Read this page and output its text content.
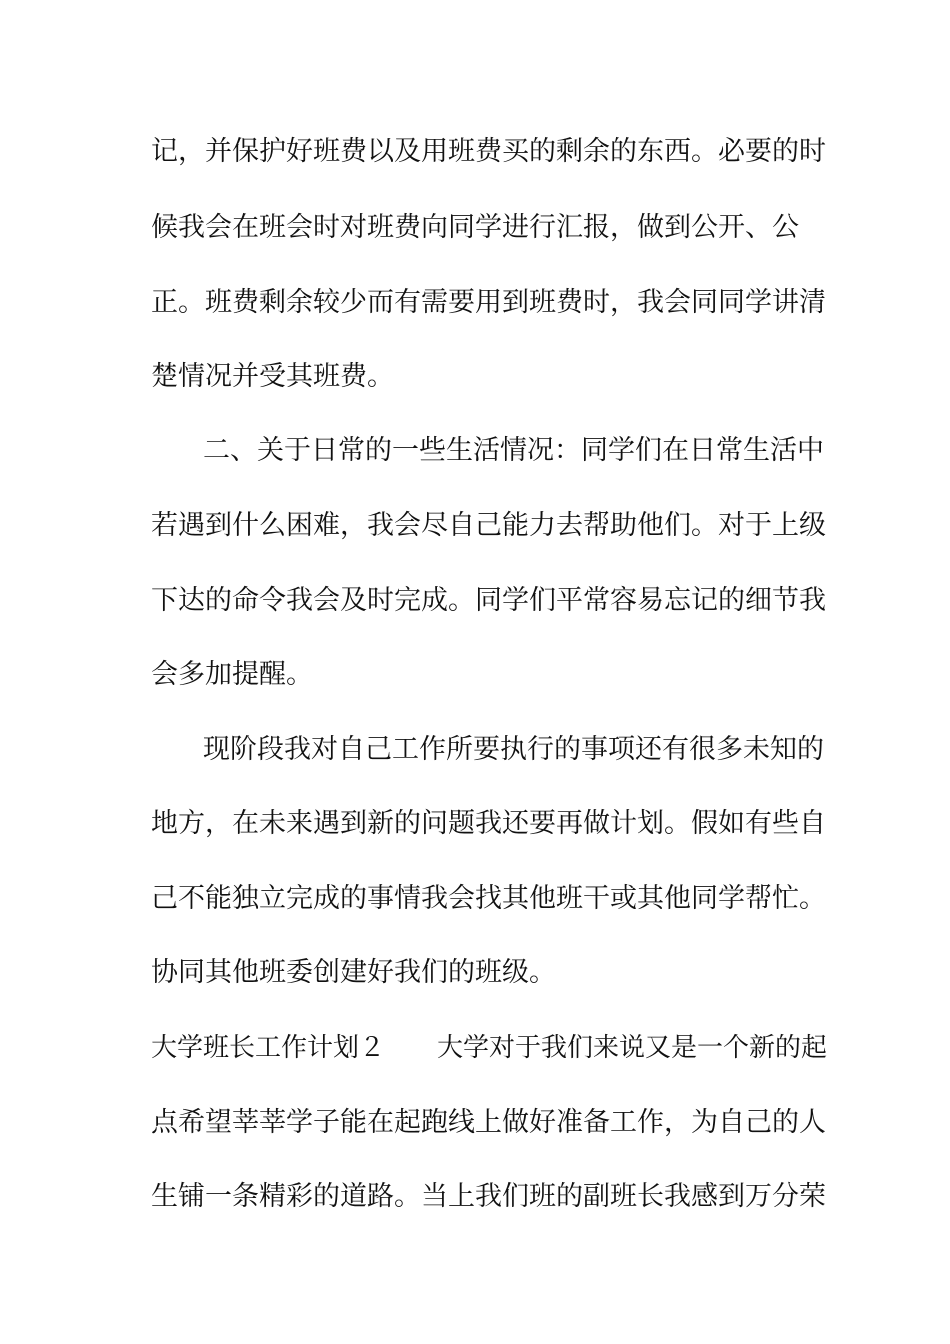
记，并保护好班费以及用班费买的剩余的东西。必要的时

候我会在班会时对班费向同学进行汇报，做到公开、公

正。班费剩余较少而有需要用到班费时，我会同同学讲清

楚情况并受其班费。

二、关于日常的一些生活情况：同学们在日常生活中

若遇到什么困难，我会尽自己能力去帮助他们。对于上级

下达的命令我会及时完成。同学们平常容易忘记的细节我

会多加提醒。

现阶段我对自己工作所要执行的事项还有很多未知的

地方，在未来遇到新的问题我还要再做计划。假如有些自

己不能独立完成的事情我会找其他班干或其他同学帮忙。

协同其他班委创建好我们的班级。

大学班长工作计划２ 大学对于我们来说又是一个新的起

点希望莘莘学子能在起跑线上做好准备工作，为自己的人

生铺一条精彩的道路。当上我们班的副班长我感到万分荣
